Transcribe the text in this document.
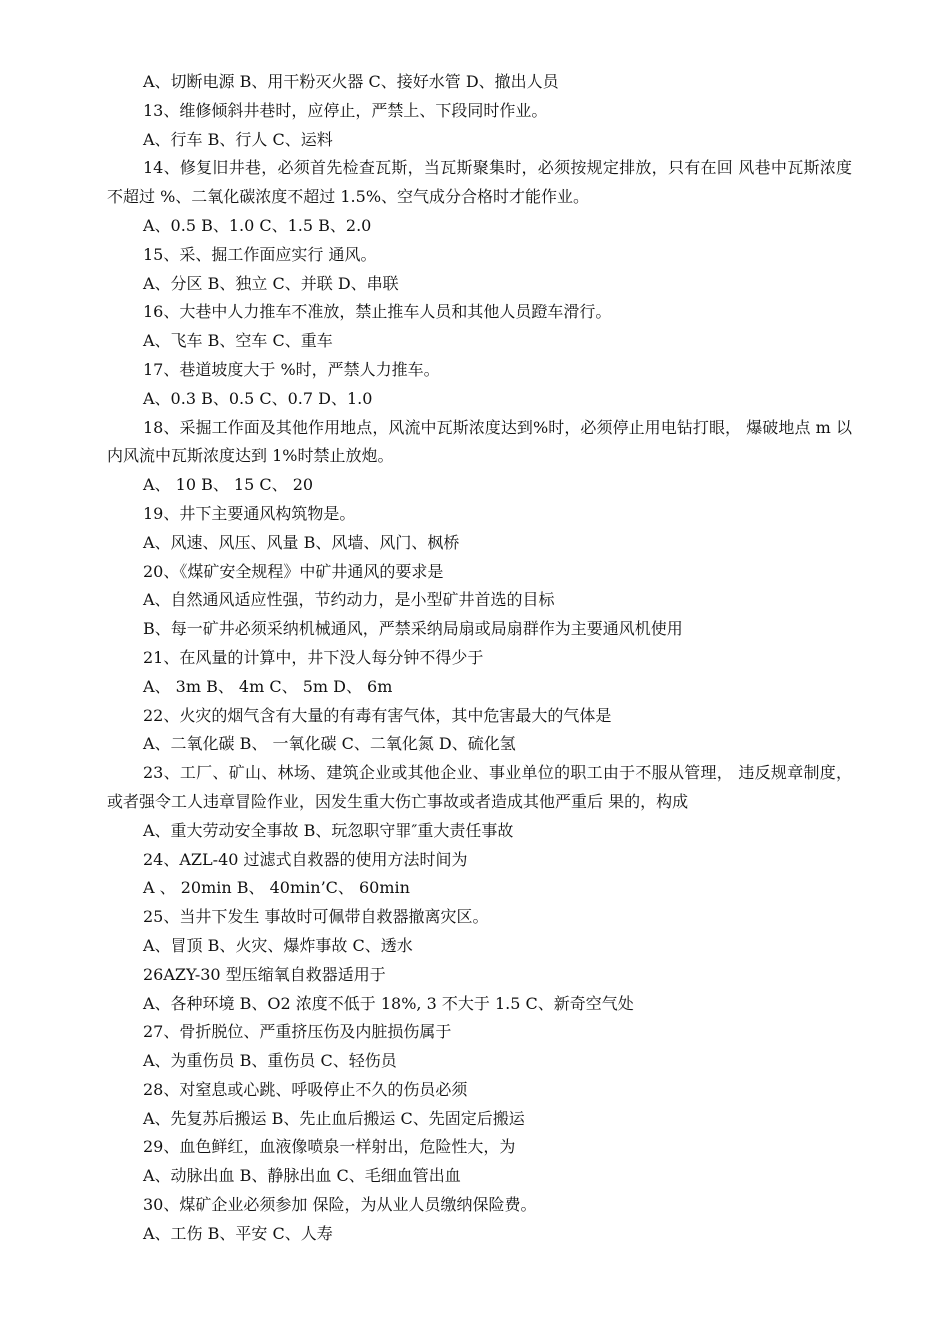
A、切断电源 B、用干粉灭火器 C、接好水管 D、撤出人员

13、维修倾斜井巷时，应停止，严禁上、下段同时作业。

A、行车 B、行人 C、运料

14、修复旧井巷，必须首先检查瓦斯，当瓦斯聚集时，必须按规定排放，只有在回 风巷中瓦斯浓度不超过 %、二氧化碳浓度不超过 1.5%、空气成分合格时才能作业。

A、0.5 B、1.0 C、1.5 B、2.0

15、采、掘工作面应实行 通风。

A、分区 B、独立 C、并联 D、串联

16、大巷中人力推车不准放，禁止推车人员和其他人员蹬车滑行。

A、飞车 B、空车 C、重车

17、巷道坡度大于 %时，严禁人力推车。

A、0.3 B、0.5 C、0.7 D、1.0

18、采掘工作面及其他作用地点，风流中瓦斯浓度达到%时，必须停止用电钻打眼， 爆破地点 m 以内风流中瓦斯浓度达到 1%时禁止放炮。

A、 10 B、 15 C、 20

19、井下主要通风构筑物是。

A、风速、风压、风量 B、风墙、风门、枫桥

20、《煤矿安全规程》中矿井通风的要求是

A、自然通风适应性强，节约动力，是小型矿井首选的目标

B、每一矿井必须采纳机械通风，严禁采纳局扇或局扇群作为主要通风机使用

21、在风量的计算中，井下没人每分钟不得少于

A、 3m B、 4m C、 5m D、 6m

22、火灾的烟气含有大量的有毒有害气体，其中危害最大的气体是

A、二氧化碳 B、 一氧化碳 C、二氧化氮 D、硫化氢

23、工厂、矿山、林场、建筑企业或其他企业、事业单位的职工由于不服从管理， 违反规章制度，或者强令工人违章冒险作业，因发生重大伤亡事故或者造成其他严重后 果的，构成

A、重大劳动安全事故 B、玩忽职守罪″重大责任事故

24、AZL-40 过滤式自救器的使用方法时间为

A 、 20min B、 40min’C、 60min

25、当井下发生 事故时可佩带自救器撤离灾区。

A、冒顶 B、火灾、爆炸事故 C、透水

26AZY-30 型压缩氧自救器适用于

A、各种环境 B、O2 浓度不低于 18%, 3 不大于 1.5 C、新奇空气处

27、骨折脱位、严重挤压伤及内脏损伤属于

A、为重伤员 B、重伤员 C、轻伤员

28、对窒息或心跳、呼吸停止不久的伤员必须

A、先复苏后搬运 B、先止血后搬运 C、先固定后搬运

29、血色鲜红，血液像喷泉一样射出，危险性大，为

A、动脉出血 B、静脉出血 C、毛细血管出血

30、煤矿企业必须参加 保险，为从业人员缴纳保险费。

A、工伤 B、平安 C、人寿
